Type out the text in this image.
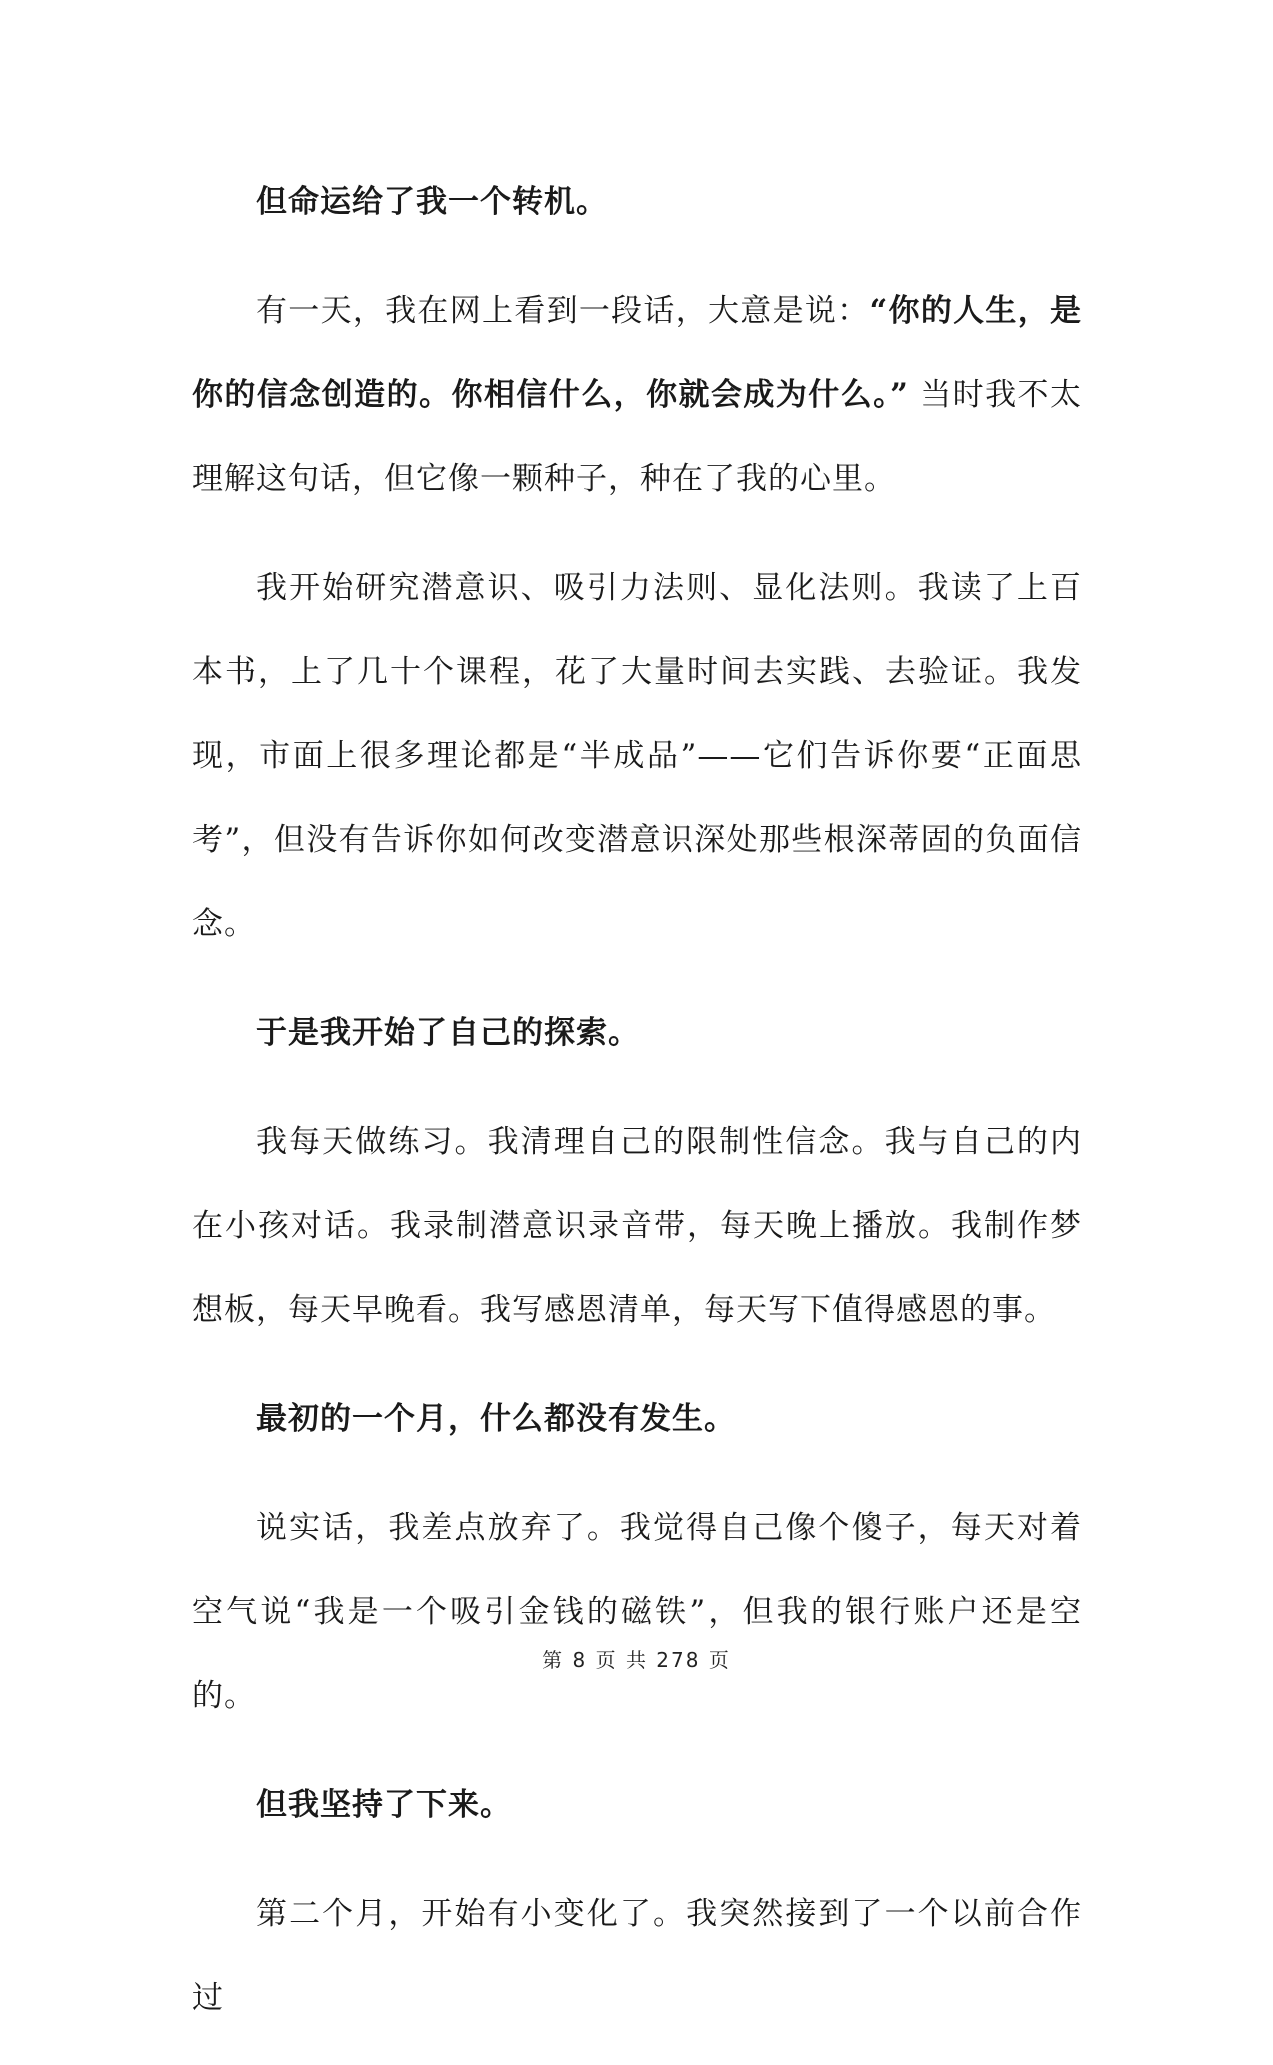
但命运给了我一个转机。

有一天，我在网上看到一段话，大意是说：“你的人生，是你的信念创造的。你相信什么，你就会成为什么。” 当时我不太理解这句话，但它像一颗种子，种在了我的心里。

我开始研究潜意识、吸引力法则、显化法则。我读了上百本书，上了几十个课程，花了大量时间去实践、去验证。我发现，市面上很多理论都是“半成品”——它们告诉你要“正面思考”，但没有告诉你如何改变潜意识深处那些根深蒂固的负面信念。

于是我开始了自己的探索。

我每天做练习。我清理自己的限制性信念。我与自己的内在小孩对话。我录制潜意识录音带，每天晚上播放。我制作梦想板，每天早晚看。我写感恩清单，每天写下值得感恩的事。

最初的一个月，什么都没有发生。

说实话，我差点放弃了。我觉得自己像个傻子，每天对着空气说“我是一个吸引金钱的磁铁”，但我的银行账户还是空的。

但我坚持了下来。

第二个月，开始有小变化了。我突然接到了一个以前合作过

第 8 页 共 278 页
